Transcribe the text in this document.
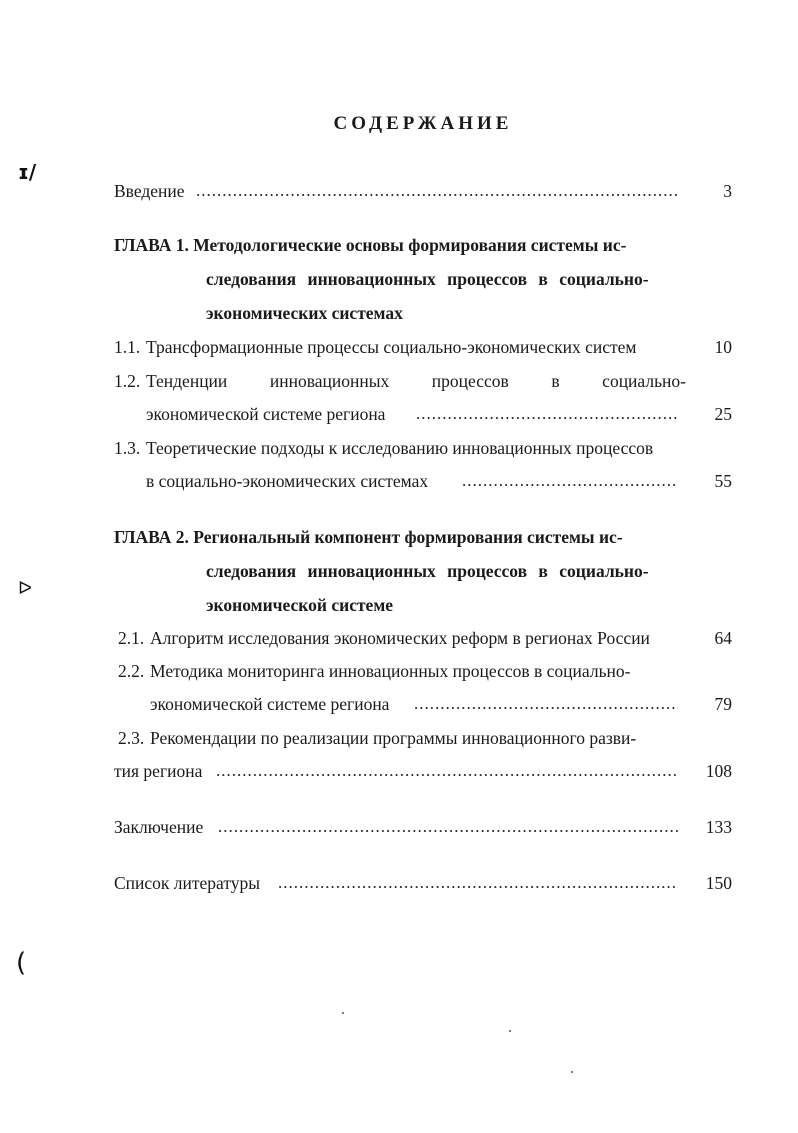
ɪ/
ᐅ
(
СОДЕРЖАНИЕ
Введение .....	3
ГЛАВА 1. Методологические основы формирования системы ис-
следования инновационных процессов в социально-
экономических системах
1.1. Трансформационные процессы социально-экономических систем	10
1.2. Тенденции инновационных процессов в социально-
экономической системе региона .....	25
1.3. Теоретические подходы к исследованию инновационных процессов
в социально-экономических системах .....	55
ГЛАВА 2. Региональный компонент формирования системы ис-
следования инновационных процессов в социально-
экономической системе
2.1. Алгоритм исследования экономических реформ в регионах России	64
2.2. Методика мониторинга инновационных процессов в социально-
экономической системе региона .....	79
2.3. Рекомендации по реализации программы инновационного разви-
тия региона .....	108
Заключение .....	133
Список литературы .....	150
